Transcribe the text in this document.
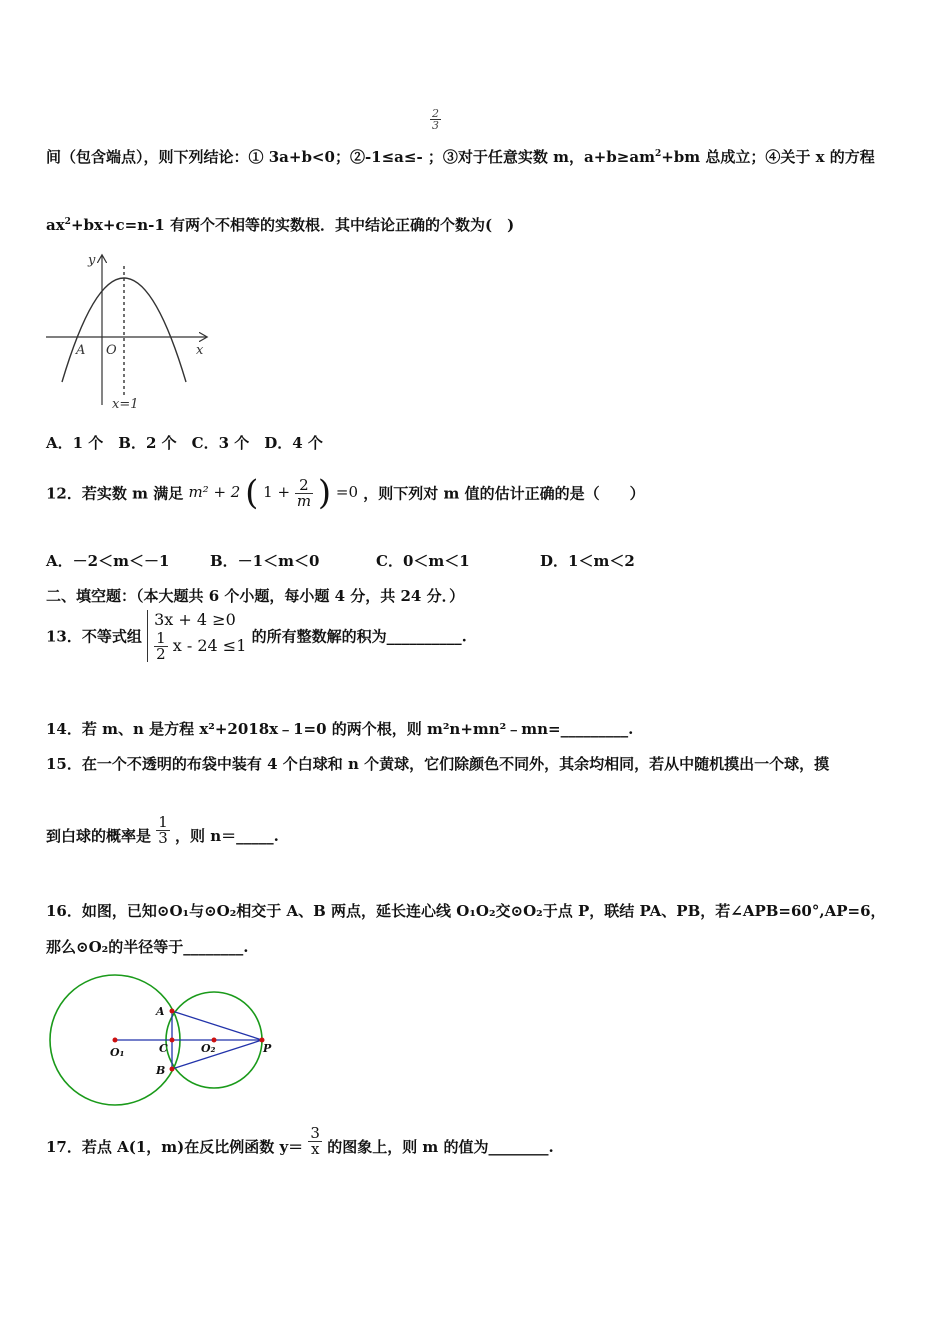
$\frac{2}{3}$
间（包含端点），则下列结论：① 3a+b<0；②-1≤a≤- ；③对于任意实数 m，$a+b\ge am^2+bm$ 总成立；④关于 x 的方程
$ax^2+bx+c=n-1$ 有两个不相等的实数根．其中结论正确的个数为(　)
y
x
O
A
x=1
A．1 个　B．2 个　C．3 个　D．4 个
12．若实数 m 满足 m² + 2 ( $1 + \frac{2}{m}$ ) =0 ，则下列对 m 值的估计正确的是（　　）
A．－2＜m＜－1	B．－1＜m＜0	C．0＜m＜1	D．1＜m＜2
二、填空题：（本大题共 6 个小题，每小题 4 分，共 24 分．）
13．不等式组
3x + 4 ≥0
$\frac{1}{2}$ x - 24 ≤1 的所有整数解的积为__________.
14．若 m、n 是方程 x²+2018x﹣1=0 的两个根，则 m²n+mn²﹣mn=_________.
15．在一个不透明的布袋中装有 4 个白球和 n 个黄球，它们除颜色不同外，其余均相同，若从中随机摸出一个球，摸
到白球的概率是 $\frac{1}{3}$ ，则 n＝_____.
16．如图，已知⊙O₁与⊙O₂相交于 A、B 两点，延长连心线 O₁O₂交⊙O₂于点 P，联结 PA、PB，若∠APB=60°,AP=6，
那么⊙O₂的半径等于________.
A
B
C
O₁	O₂	P
17．若点 A(1，m)在反比例函数 $y= \frac{3}{x}$ 的图象上，则 m 的值为________.
